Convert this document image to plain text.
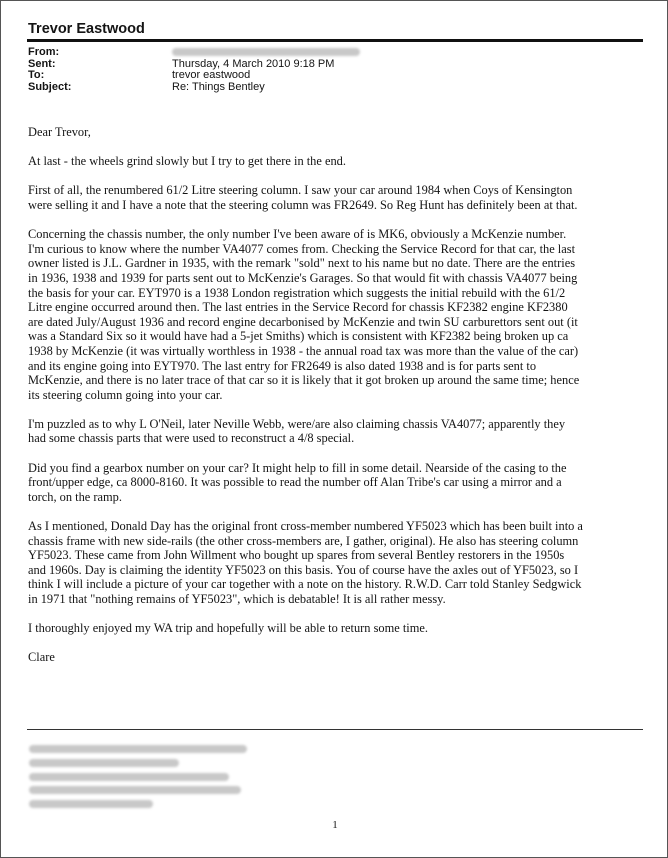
Trevor Eastwood
From:
Sent:	Thursday, 4 March 2010 9:18 PM
To:	trevor eastwood
Subject:	Re: Things Bentley

Dear Trevor,

At last - the wheels grind slowly but I try to get there in the end.

First of all, the renumbered 61/2 Litre steering column. I saw your car around 1984 when Coys of Kensington
were selling it and I have a note that the steering column was FR2649. So Reg Hunt has definitely been at that.

Concerning the chassis number, the only number I've been aware of is MK6, obviously a McKenzie number.
I'm curious to know where the number VA4077 comes from. Checking the Service Record for that car, the last
owner listed is J.L. Gardner in 1935, with the remark "sold" next to his name but no date. There are the entries
in 1936, 1938 and 1939 for parts sent out to McKenzie's Garages. So that would fit with chassis VA4077 being
the basis for your car. EYT970 is a 1938 London registration which suggests the initial rebuild with the 61/2
Litre engine occurred around then. The last entries in the Service Record for chassis KF2382 engine KF2380
are dated July/August 1936 and record engine decarbonised by McKenzie and twin SU carburettors sent out (it
was a Standard Six so it would have had a 5-jet Smiths) which is consistent with KF2382 being broken up ca
1938 by McKenzie (it was virtually worthless in 1938 - the annual road tax was more than the value of the car)
and its engine going into EYT970. The last entry for FR2649 is also dated 1938 and is for parts sent to
McKenzie, and there is no later trace of that car so it is likely that it got broken up around the same time; hence
its steering column going into your car.

I'm puzzled as to why L O'Neil, later Neville Webb, were/are also claiming chassis VA4077; apparently they
had some chassis parts that were used to reconstruct a 4/8 special.

Did you find a gearbox number on your car? It might help to fill in some detail. Nearside of the casing to the
front/upper edge, ca 8000-8160. It was possible to read the number off Alan Tribe's car using a mirror and a
torch, on the ramp.

As I mentioned, Donald Day has the original front cross-member numbered YF5023 which has been built into a
chassis frame with new side-rails (the other cross-members are, I gather, original). He also has steering column
YF5023. These came from John Willment who bought up spares from several Bentley restorers in the 1950s
and 1960s. Day is claiming the identity YF5023 on this basis. You of course have the axles out of YF5023, so I
think I will include a picture of your car together with a note on the history. R.W.D. Carr told Stanley Sedgwick
in 1971 that "nothing remains of YF5023", which is debatable! It is all rather messy.

I thoroughly enjoyed my WA trip and hopefully will be able to return some time.

Clare

1
